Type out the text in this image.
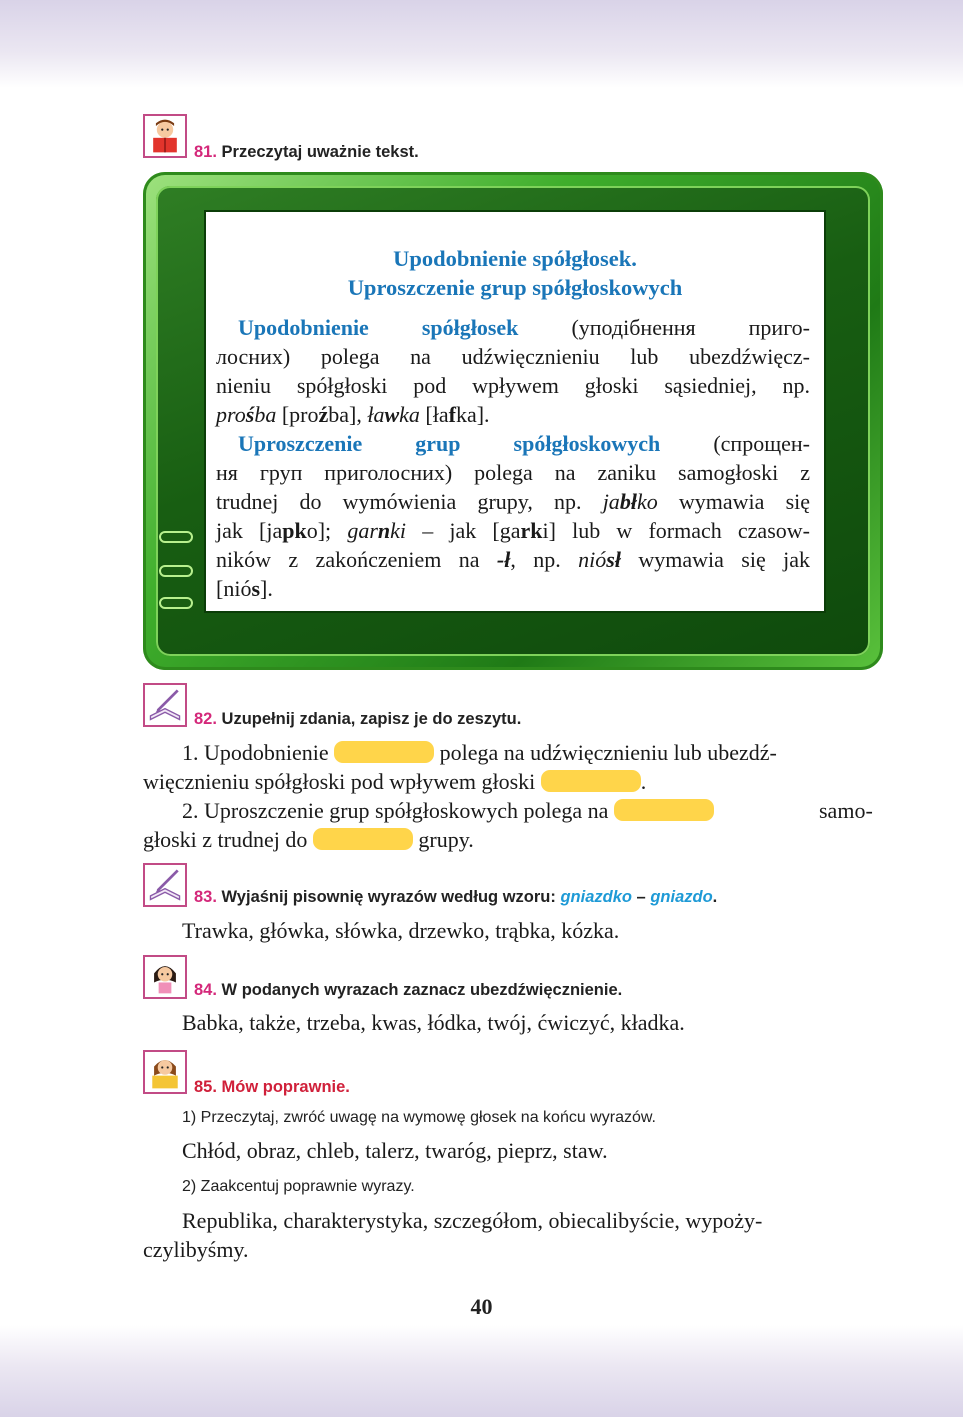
81. Przeczytaj uważnie tekst.
Upodobnienie spółgłosek.
Uproszczenie grup spółgłoskowych
  Upodobnienie spółgłosek (уподібнення приго-
лосних) polega na udźwięcznieniu lub ubezdźwięcz-
nieniu spółgłoski pod wpływem głoski sąsiedniej, np.
prośba [proźba], ławka [łafka].
  Uproszczenie grup spółgłoskowych (спрощен-
ня груп приголосних) polega na zaniku samogłoski z
trudnej do wymówienia grupy, np. jabłko wymawia się
jak [japko]; garnki – jak [garki] lub w formach czasow-
ników z zakończeniem na -ł, np. niósł wymawia się jak
[niós].
82. Uzupełnij zdania, zapisz je do zeszytu.
1. Upodobnienie	polega na udźwięcznieniu lub ubezdź-
więcznieniu spółgłoski pod wpływem głoski	.
2. Uproszczenie grup spółgłoskowych polega na	samo-
głoski z trudnej do	grupy.
83. Wyjaśnij pisownię wyrazów według wzoru: gniazdko – gniazdo.
Trawka, główka, słówka, drzewko, trąbka, kózka.
84. W podanych wyrazach zaznacz ubezdźwięcznienie.
Babka, także, trzeba, kwas, łódka, twój, ćwiczyć, kładka.
85. Mów poprawnie.
1) Przeczytaj, zwróć uwagę na wymowę głosek na końcu wyrazów.
Chłód, obraz, chleb, talerz, twaróg, pieprz, staw.
2) Zaakcentuj poprawnie wyrazy.
Republika, charakterystyka, szczegółom, obiecalibyście, wypoży-
czylibyśmy.
40
